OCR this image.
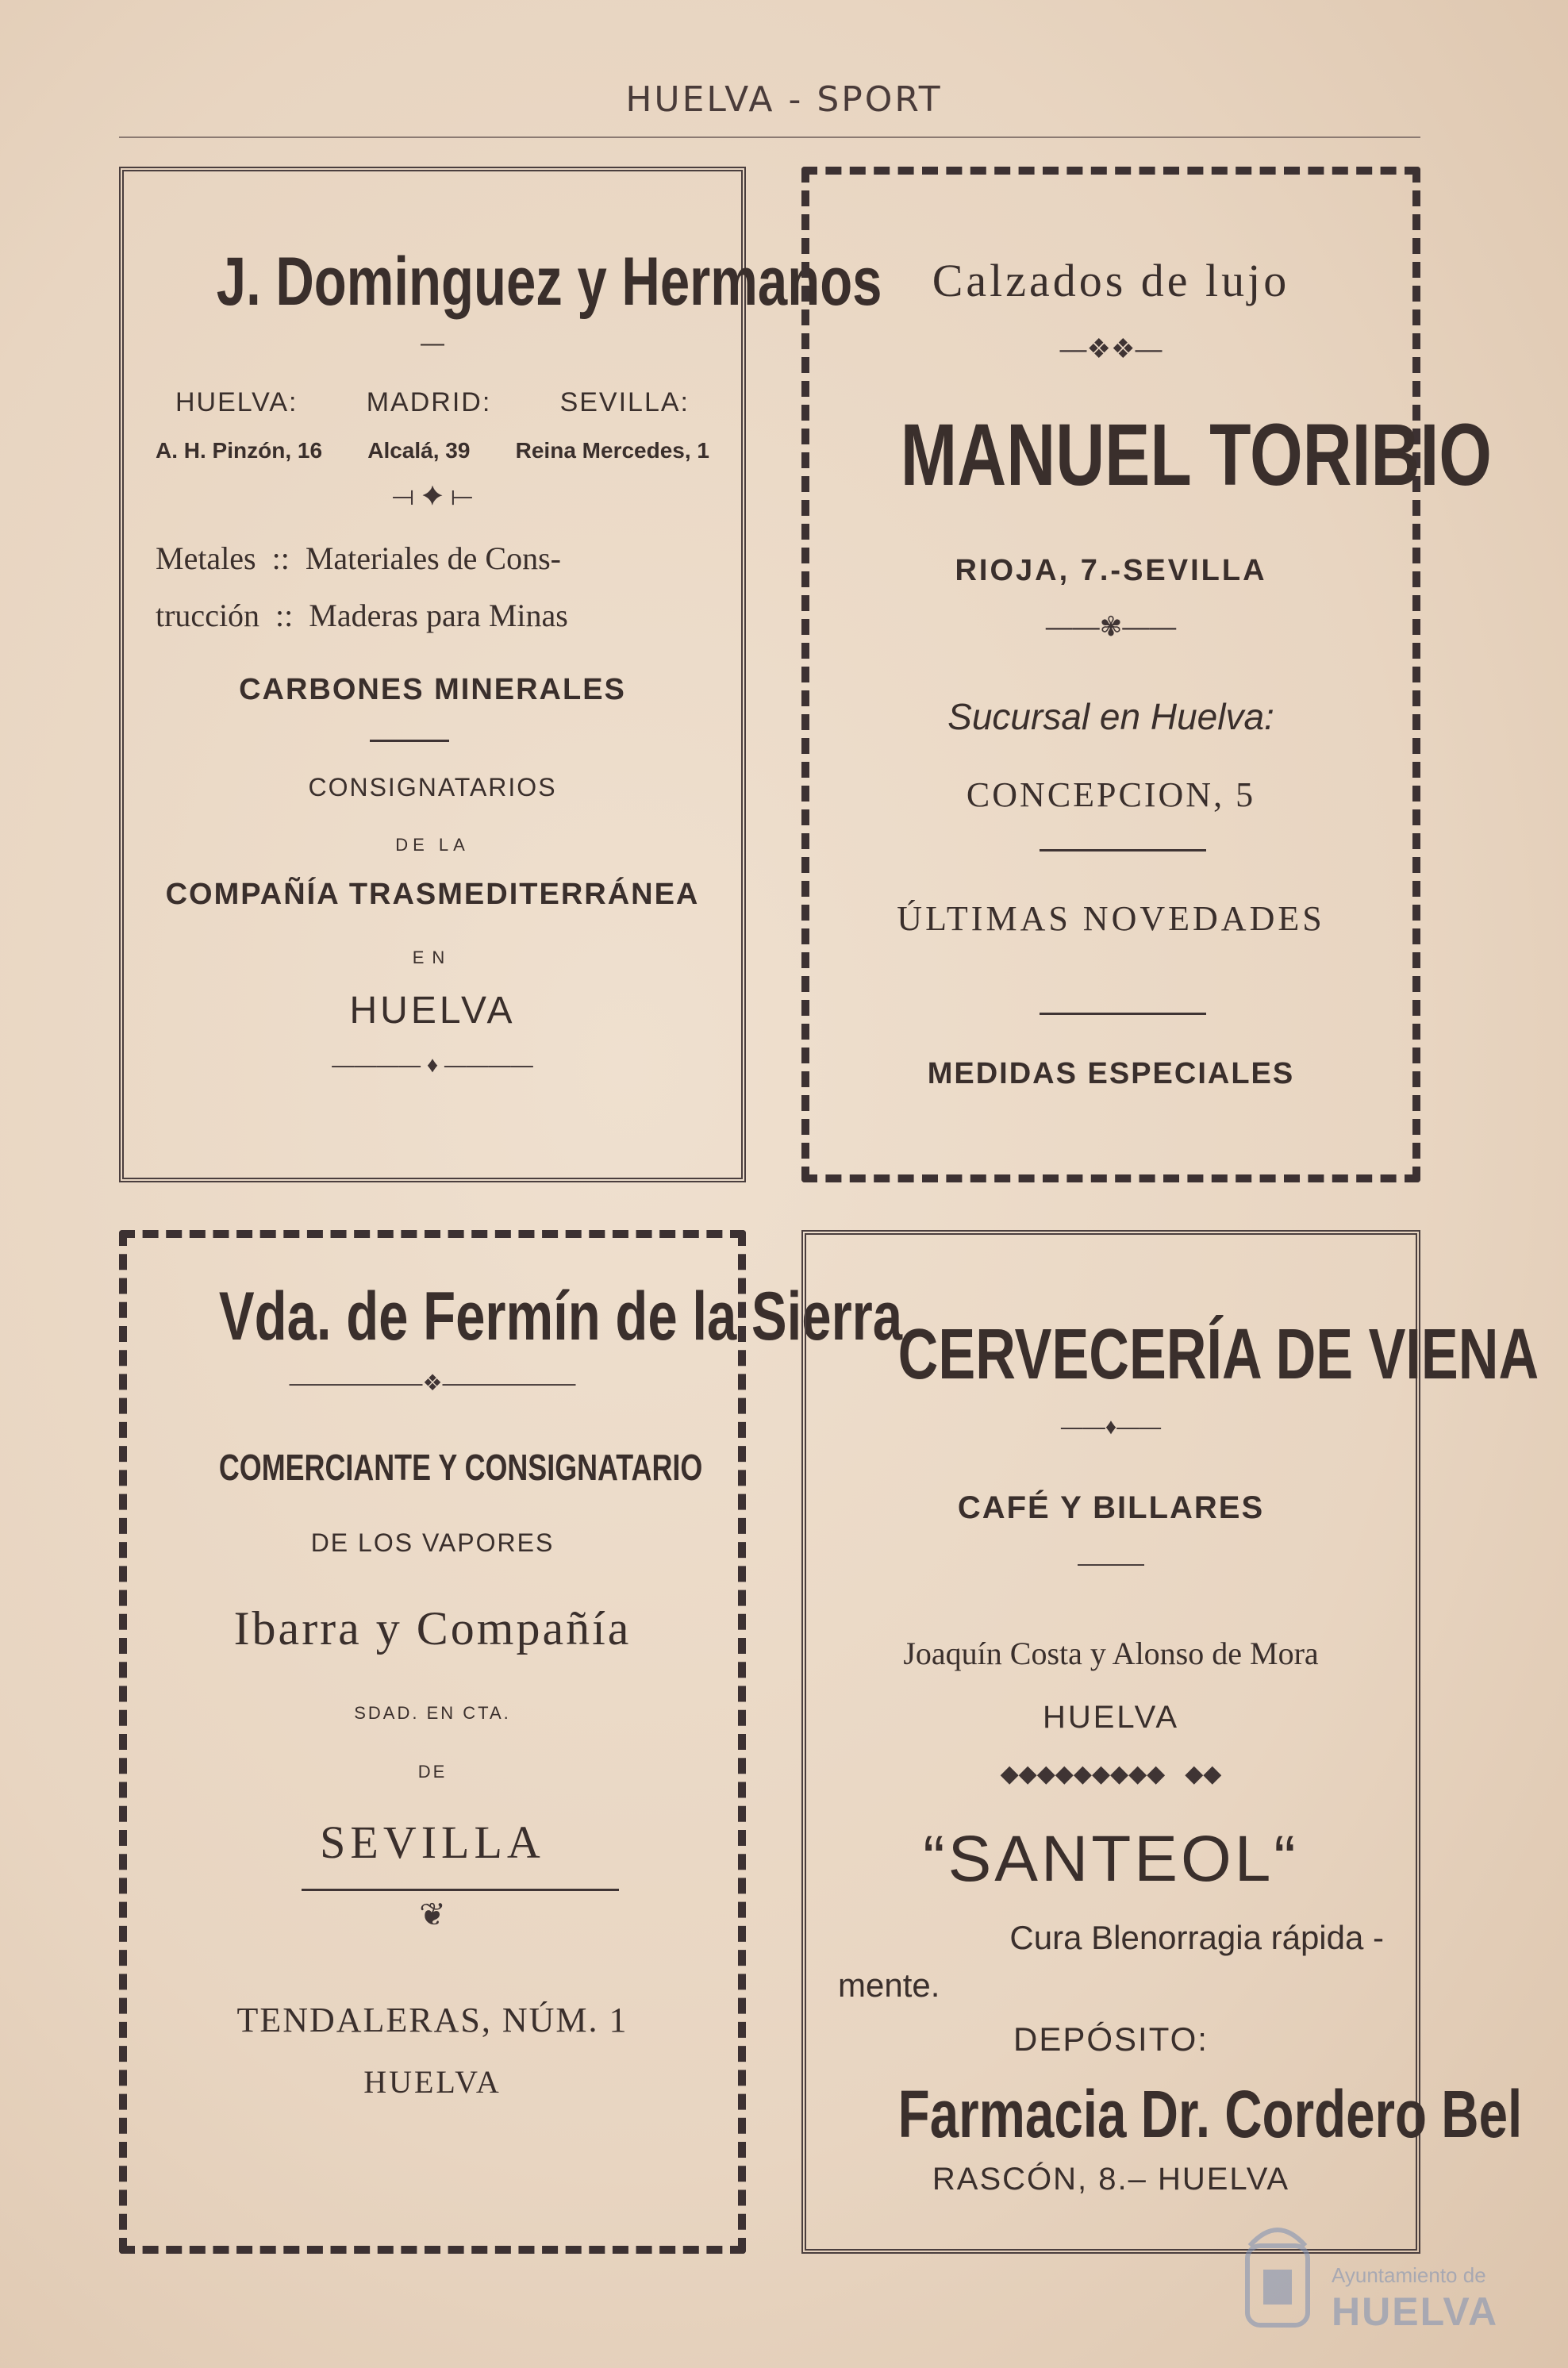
HUELVA - SPORT
J. Dominguez y Hermanos
—
HUELVA:	MADRID:	SEVILLA:
A. H. Pinzón, 16 Alcalá, 39 Reina Mercedes, 1
⟞ ✦ ⟝
Metales  ::  Materiales de Cons-
trucción  ::  Maderas para Minas
CARBONES MINERALES
CONSIGNATARIOS
DE LA
COMPAÑÍA TRASMEDITERRÁNEA
EN
HUELVA
———— ♦ ————
Calzados de lujo
—❖❖—
MANUEL TORIBIO
RIOJA, 7.-SEVILLA
——✾——
Sucursal en Huelva:
CONCEPCION, 5
ÚLTIMAS NOVEDADES
MEDIDAS ESPECIALES
Vda. de Fermín de la Sierra
——————❖——————
COMERCIANTE Y CONSIGNATARIO
DE LOS VAPORES
Ibarra y Compañía
SDAD. EN CTA.
DE
SEVILLA
❦
TENDALERAS, NÚM. 1
HUELVA
CERVECERÍA DE VIENA
——♦——
CAFÉ Y BILLARES
———
Joaquín Costa y Alonso de Mora
HUELVA
◆◆◆◆◆◆◆◆◆   ◆◆
“SANTEOL“
Cura Blenorragia rápida -
mente.
DEPÓSITO:
Farmacia Dr. Cordero Bel
RASCÓN, 8.– HUELVA
Ayuntamiento de
HUELVA
